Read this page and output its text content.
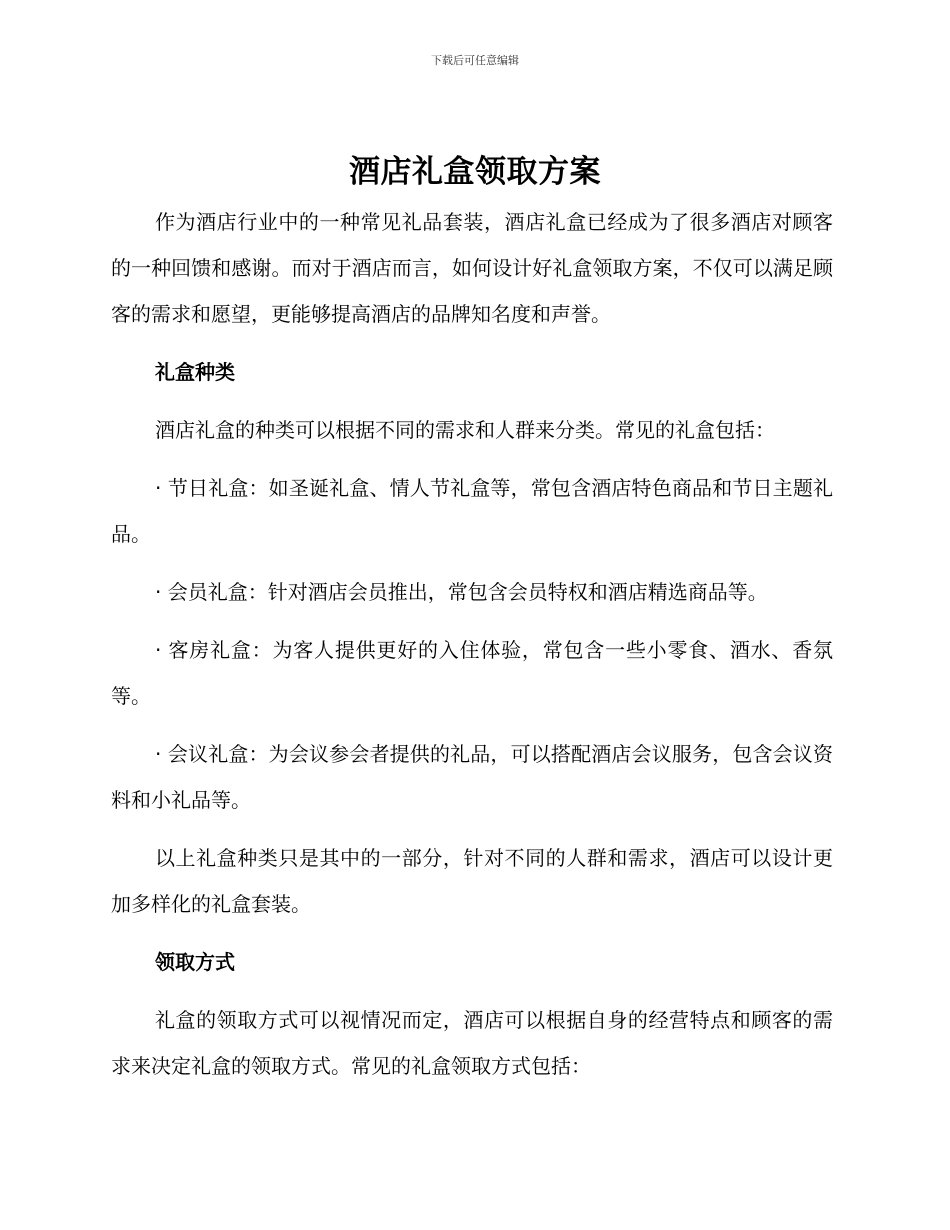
下载后可任意编辑
酒店礼盒领取方案

作为酒店行业中的一种常见礼品套装，酒店礼盒已经成为了很多酒店对顾客的一种回馈和感谢。而对于酒店而言，如何设计好礼盒领取方案，不仅可以满足顾客的需求和愿望，更能够提高酒店的品牌知名度和声誉。

礼盒种类

酒店礼盒的种类可以根据不同的需求和人群来分类。常见的礼盒包括：

· 节日礼盒：如圣诞礼盒、情人节礼盒等，常包含酒店特色商品和节日主题礼品。

· 会员礼盒：针对酒店会员推出，常包含会员特权和酒店精选商品等。

· 客房礼盒：为客人提供更好的入住体验，常包含一些小零食、酒水、香氛等。

· 会议礼盒：为会议参会者提供的礼品，可以搭配酒店会议服务，包含会议资料和小礼品等。

以上礼盒种类只是其中的一部分，针对不同的人群和需求，酒店可以设计更加多样化的礼盒套装。

领取方式

礼盒的领取方式可以视情况而定，酒店可以根据自身的经营特点和顾客的需求来决定礼盒的领取方式。常见的礼盒领取方式包括：
